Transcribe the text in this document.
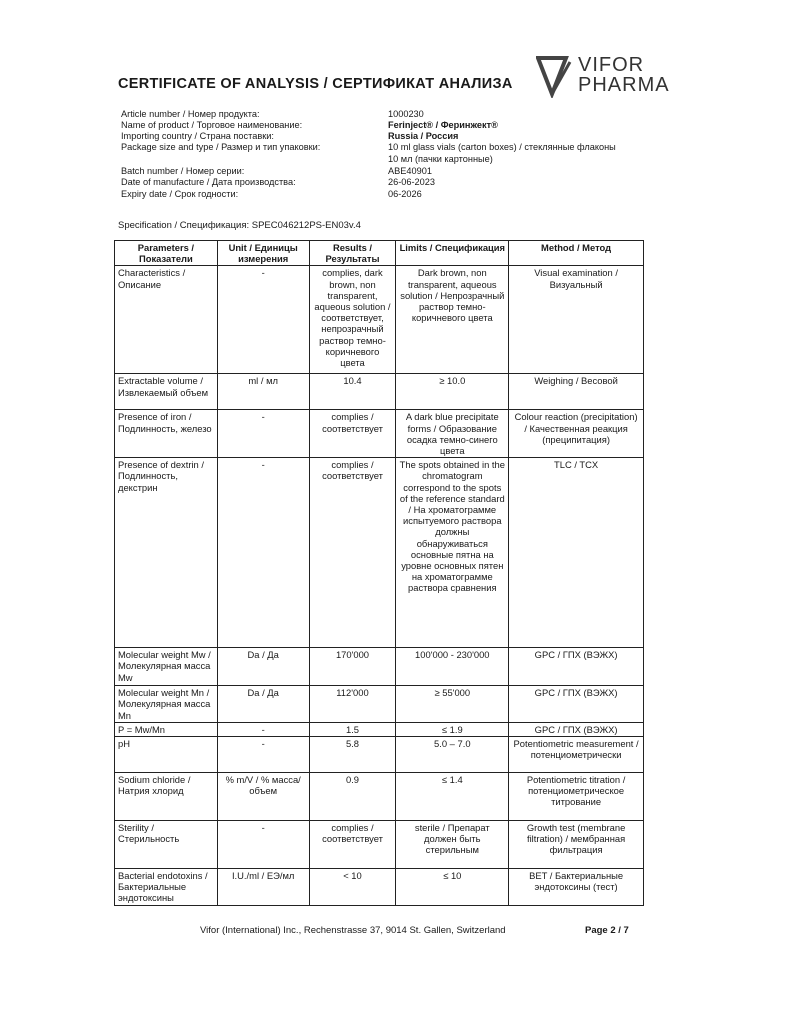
CERTIFICATE OF ANALYSIS / СЕРТИФИКАТ АНАЛИЗА
VIFOR
PHARMA
Article number / Номер продукта:	1000230
Name of product / Торговое наименование:	Ferinject® / Феринжект®
Importing country / Страна поставки:	Russia / Россия
Package size and type / Размер и тип упаковки:	10 ml glass vials (carton boxes) / стеклянные флаконы 10 мл (пачки картонные)
Batch number / Номер серии:	ABE40901
Date of manufacture / Дата производства:	26-06-2023
Expiry date / Срок годности:	06-2026
Specification / Спецификация: SPEC046212PS-EN03v.4
Parameters / Показатели	Unit / Единицы измерения	Results / Результаты	Limits / Спецификация	Method / Метод
Characteristics / Описание	-	complies, dark brown, non transparent, aqueous solution / соответствует, непрозрачный раствор темно-коричневого цвета	Dark brown, non transparent, aqueous solution / Непрозрачный раствор темно-коричневого цвета	Visual examination / Визуальный
Extractable volume / Извлекаемый объем	ml / мл	10.4	≥ 10.0	Weighing / Весовой
Presence of iron / Подлинность, железо	-	complies / соответствует	A dark blue precipitate forms / Образование осадка темно-синего цвета	Colour reaction (precipitation) / Качественная реакция (преципитация)
Presence of dextrin / Подлинность, декстрин	-	complies / соответствует	The spots obtained in the chromatogram correspond to the spots of the reference standard / На хроматограмме испытуемого раствора должны обнаруживаться основные пятна на уровне основных пятен на хроматограмме раствора сравнения	TLC / TCX
Molecular weight Mw / Молекулярная масса Mw	Da / Да	170'000	100'000 - 230'000	GPC / ГПХ (ВЭЖХ)
Molecular weight Mn / Молекулярная масса Mn	Da / Да	112'000	≥ 55'000	GPC / ГПХ (ВЭЖХ)
P = Mw/Mn	-	1.5	≤ 1.9	GPC / ГПХ (ВЭЖХ)
pH	-	5.8	5.0 – 7.0	Potentiometric measurement / потенциометрически
Sodium chloride / Натрия хлорид	% m/V / % масса/объем	0.9	≤ 1.4	Potentiometric titration / потенциометрическое титрование
Sterility / Стерильность	-	complies / соответствует	sterile / Препарат должен быть стерильным	Growth test (membrane filtration) / мембранная фильтрация
Bacterial endotoxins / Бактериальные эндотоксины	I.U./ml / ЕЭ/мл	< 10	≤ 10	BET / Бактериальные эндотоксины (тест)
Vifor (International) Inc., Rechenstrasse 37, 9014 St. Gallen, Switzerland	Page 2 / 7
